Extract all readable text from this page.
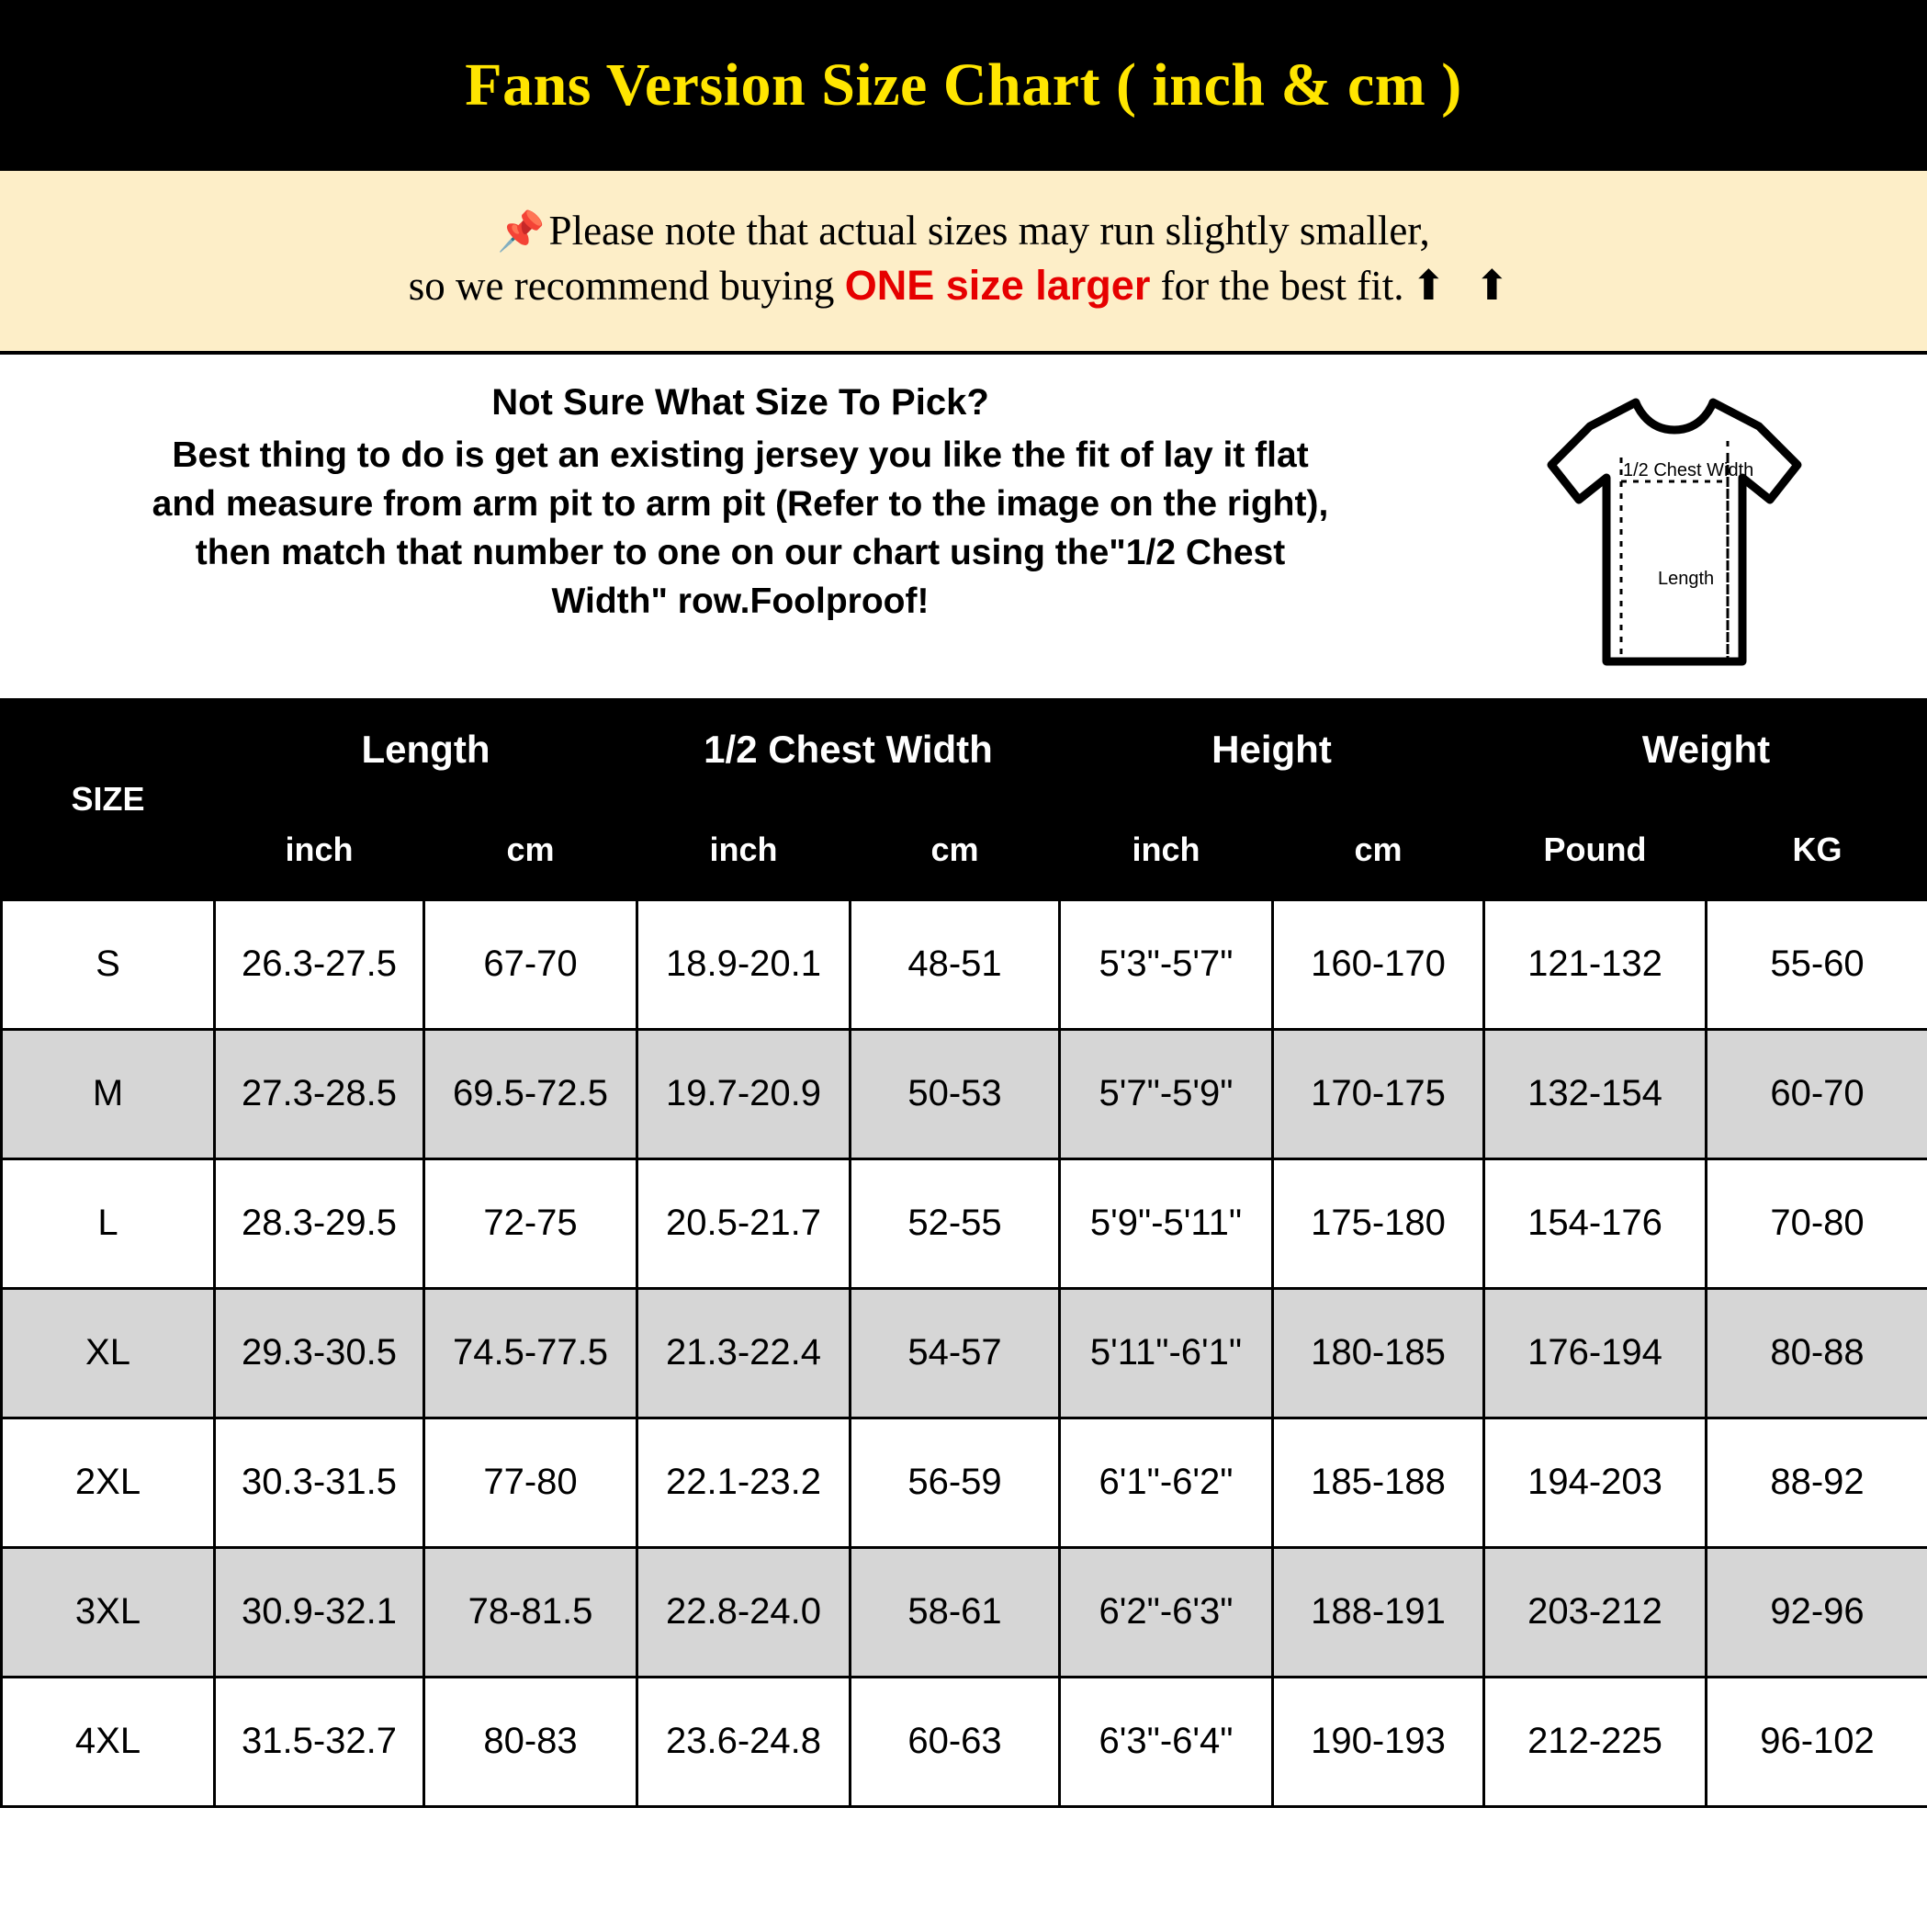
Fans Version Size Chart ( inch & cm )
📌Please note that actual sizes may run slightly smaller,
so we recommend buying ONE size larger for the best fit. ⬆ ⬆
Not Sure What Size To Pick?
Best thing to do is get an existing jersey you like the fit of lay it flat
and measure from arm pit to arm pit (Refer to the image on the right),
then match that number to one on our chart using the"1/2 Chest
Width" row.Foolproof!
1/2 Chest Width
Length
SIZE	Length		1/2 Chest Width		Height		Weight	
	inch	cm	inch	cm	inch	cm	Pound	KG
S	26.3-27.5	67-70	18.9-20.1	48-51	5'3"-5'7"	160-170	121-132	55-60
M	27.3-28.5	69.5-72.5	19.7-20.9	50-53	5'7"-5'9"	170-175	132-154	60-70
L	28.3-29.5	72-75	20.5-21.7	52-55	5'9"-5'11"	175-180	154-176	70-80
XL	29.3-30.5	74.5-77.5	21.3-22.4	54-57	5'11"-6'1"	180-185	176-194	80-88
2XL	30.3-31.5	77-80	22.1-23.2	56-59	6'1"-6'2"	185-188	194-203	88-92
3XL	30.9-32.1	78-81.5	22.8-24.0	58-61	6'2"-6'3"	188-191	203-212	92-96
4XL	31.5-32.7	80-83	23.6-24.8	60-63	6'3"-6'4"	190-193	212-225	96-102
